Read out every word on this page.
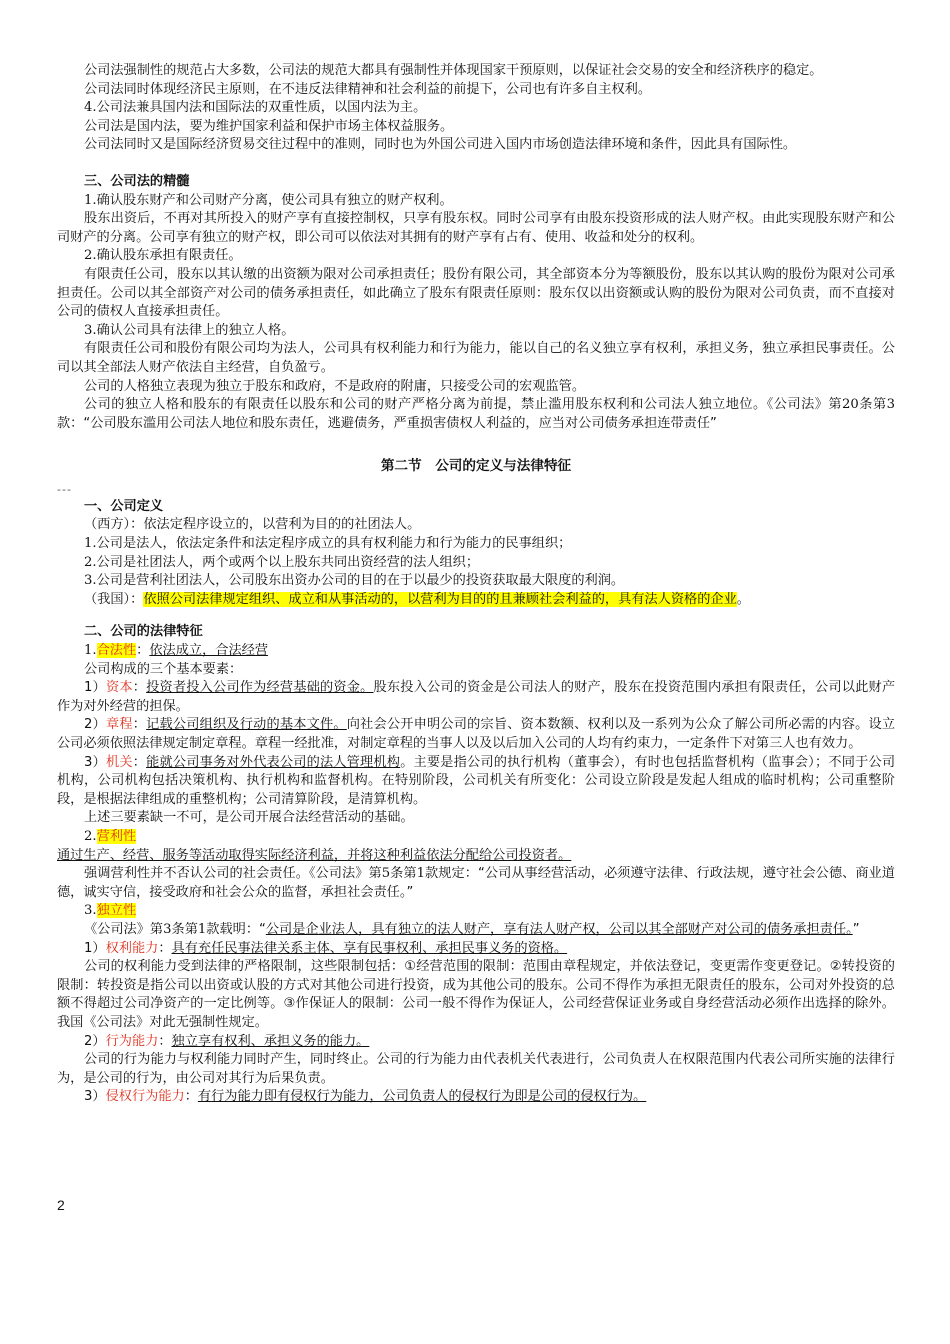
公司法强制性的规范占大多数，公司法的规范大都具有强制性并体现国家干预原则，以保证社会交易的安全和经济秩序的稳定。

公司法同时体现经济民主原则，在不违反法律精神和社会利益的前提下，公司也有许多自主权利。

4.公司法兼具国内法和国际法的双重性质，以国内法为主。

公司法是国内法，要为维护国家利益和保护市场主体权益服务。

公司法同时又是国际经济贸易交往过程中的准则，同时也为外国公司进入国内市场创造法律环境和条件，因此具有国际性。

三、公司法的精髓

1.确认股东财产和公司财产分离，使公司具有独立的财产权利。

股东出资后，不再对其所投入的财产享有直接控制权，只享有股东权。同时公司享有由股东投资形成的法人财产权。由此实现股东财产和公司财产的分离。公司享有独立的财产权，即公司可以依法对其拥有的财产享有占有、使用、收益和处分的权利。

2.确认股东承担有限责任。

有限责任公司，股东以其认缴的出资额为限对公司承担责任；股份有限公司，其全部资本分为等额股份，股东以其认购的股份为限对公司承担责任。公司以其全部资产对公司的债务承担责任，如此确立了股东有限责任原则：股东仅以出资额或认购的股份为限对公司负责，而不直接对公司的债权人直接承担责任。

3.确认公司具有法律上的独立人格。

有限责任公司和股份有限公司均为法人，公司具有权利能力和行为能力，能以自己的名义独立享有权利，承担义务，独立承担民事责任。公司以其全部法人财产依法自主经营，自负盈亏。

公司的人格独立表现为独立于股东和政府，不是政府的附庸，只接受公司的宏观监管。

公司的独立人格和股东的有限责任以股东和公司的财产严格分离为前提，禁止滥用股东权利和公司法人独立地位。《公司法》第20条第3款：“公司股东滥用公司法人地位和股东责任，逃避债务，严重损害债权人利益的，应当对公司债务承担连带责任”

第二节　公司的定义与法律特征

---

一、公司定义

（西方）：依法定程序设立的，以营利为目的的社团法人。

1.公司是法人，依法定条件和法定程序成立的具有权利能力和行为能力的民事组织；

2.公司是社团法人，两个或两个以上股东共同出资经营的法人组织；

3.公司是营利社团法人，公司股东出资办公司的目的在于以最少的投资获取最大限度的利润。

（我国）：依照公司法律规定组织、成立和从事活动的，以营利为目的的且兼顾社会利益的，具有法人资格的企业。

二、公司的法律特征

1.合法性：依法成立，合法经营

公司构成的三个基本要素：

1）资本：投资者投入公司作为经营基础的资金。股东投入公司的资金是公司法人的财产，股东在投资范围内承担有限责任，公司以此财产作为对外经营的担保。

2）章程：记载公司组织及行动的基本文件。向社会公开申明公司的宗旨、资本数额、权利以及一系列为公众了解公司所必需的内容。设立公司必须依照法律规定制定章程。章程一经批准，对制定章程的当事人以及以后加入公司的人均有约束力，一定条件下对第三人也有效力。

3）机关：能就公司事务对外代表公司的法人管理机构。主要是指公司的执行机构（董事会），有时也包括监督机构（监事会）；不同于公司机构，公司机构包括决策机构、执行机构和监督机构。在特别阶段，公司机关有所变化：公司设立阶段是发起人组成的临时机构；公司重整阶段，是根据法律组成的重整机构；公司清算阶段，是清算机构。

上述三要素缺一不可，是公司开展合法经营活动的基础。

2.营利性

通过生产、经营、服务等活动取得实际经济利益，并将这种利益依法分配给公司投资者。

强调营利性并不否认公司的社会责任。《公司法》第5条第1款规定：“公司从事经营活动，必须遵守法律、行政法规，遵守社会公德、商业道德，诚实守信，接受政府和社会公众的监督，承担社会责任。”

3.独立性

《公司法》第3条第1款载明：“公司是企业法人，具有独立的法人财产，享有法人财产权，公司以其全部财产对公司的债务承担责任。”

1）权利能力：具有充任民事法律关系主体、享有民事权利、承担民事义务的资格。

公司的权利能力受到法律的严格限制，这些限制包括：①经营范围的限制：范围由章程规定，并依法登记，变更需作变更登记。②转投资的限制：转投资是指公司以出资或认股的方式对其他公司进行投资，成为其他公司的股东。公司不得作为承担无限责任的股东，公司对外投资的总额不得超过公司净资产的一定比例等。③作保证人的限制：公司一般不得作为保证人，公司经营保证业务或自身经营活动必须作出选择的除外。我国《公司法》对此无强制性规定。

2）行为能力：独立享有权利、承担义务的能力。

公司的行为能力与权利能力同时产生，同时终止。公司的行为能力由代表机关代表进行，公司负责人在权限范围内代表公司所实施的法律行为，是公司的行为，由公司对其行为后果负责。

3）侵权行为能力：有行为能力即有侵权行为能力，公司负责人的侵权行为即是公司的侵权行为。

2
